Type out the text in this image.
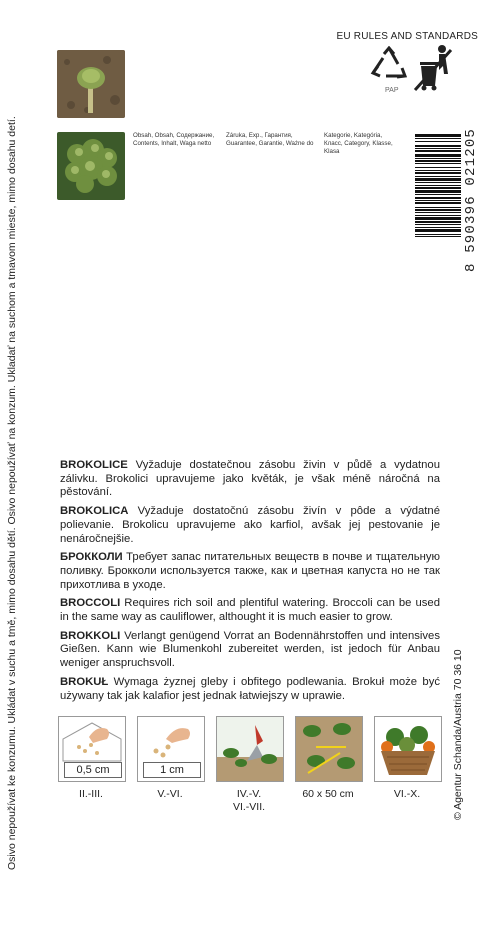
Osivo nepoužívat ke konzumu. Ukládat v suchu a tmě, mimo dosahu dětí. Osivo nepoužívať na konzum. Ukladať na suchom a tmavom mieste, mimo dosahu detí.	© Agentur Schanda/Austria 70 36 10
EU RULES AND STANDARDS
PAP
Obsah, Obsah, Содержание, Contents, Inhalt, Waga netto
Záruka, Exp., Гарантия, Guarantee, Garantie, Ważne do
Kategorie, Kategória, Класс, Category, Klasse, Klasa	8 590396 021205

BROKOLICE Vyžaduje dostatečnou zásobu živin v půdě a vydatnou zálivku. Brokolici upravujeme jako květák, je však méně náročná na pěstování.

BROKOLICA Vyžaduje dostatočnú zásobu živín v pôde a výdatné polievanie. Brokolicu upravujeme ako karfiol, avšak jej pestovanie je nenáročnejšie.

БРОККОЛИ Требует запас питательных веществ в почве и тщательную поливку. Брокколи используется также, как и цветная капуста но не так прихотлива в уходе.

BROCCOLI Requires rich soil and plentiful watering. Broccoli can be used in the same way as cauliflower, althought it is much easier to grow.

BROKKOLI Verlangt genügend Vorrat an Bodennährstoffen und intensives Gießen. Kann wie Blumenkohl zubereitet werden, ist jedoch für Anbau weniger anspruchsvoll.

BROKUŁ Wymaga żyznej gleby i obfitego podlewania. Brokuł może być używany tak jak kalafior jest jednak łatwiejszy w uprawie.

0,5 cm	1 cm
II.-III.	V.-VI.	IV.-V.
VI.-VII.
60 x 50 cm	VI.-X.
